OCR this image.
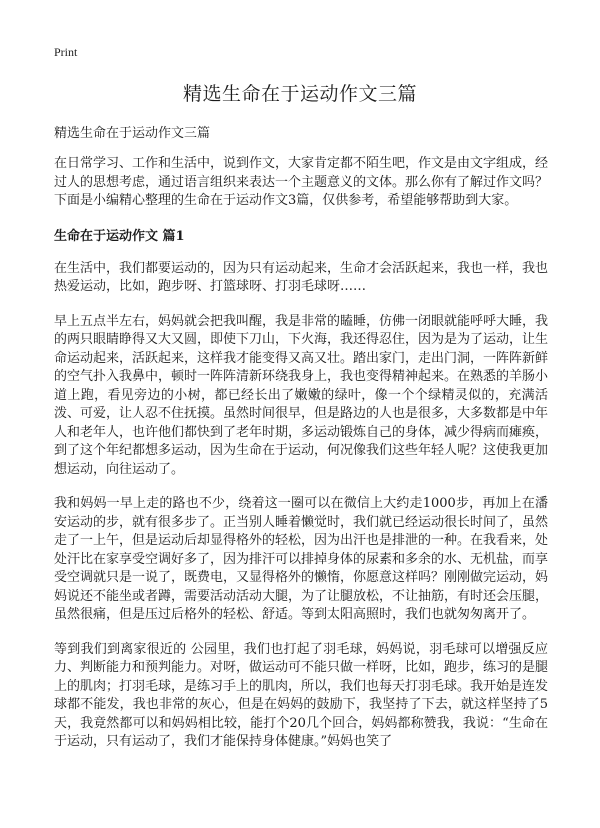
Print
精选生命在于运动作文三篇

精选生命在于运动作文三篇

在日常学习、工作和生活中，说到作文，大家肯定都不陌生吧，作文是由文字组成，经过人的思想考虑，通过语言组织来表达一个主题意义的文体。那么你有了解过作文吗？下面是小编精心整理的生命在于运动作文3篇，仅供参考，希望能够帮助到大家。

生命在于运动作文 篇1

在生活中，我们都要运动的，因为只有运动起来，生命才会活跃起来，我也一样，我也热爱运动，比如，跑步呀、打篮球呀、打羽毛球呀……

早上五点半左右，妈妈就会把我叫醒，我是非常的瞌睡，仿佛一闭眼就能呼呼大睡，我的两只眼睛睁得又大又圆，即使下刀山，下火海，我还得忍住，因为是为了运动，让生命运动起来，活跃起来，这样我才能变得又高又壮。踏出家门，走出门洞，一阵阵新鲜的空气扑入我鼻中，顿时一阵阵清新环绕我身上，我也变得精神起来。在熟悉的羊肠小道上跑，看见旁边的小树，都已经长出了嫩嫩的绿叶，像一个个绿精灵似的，充满活泼、可爱，让人忍不住抚摸。虽然时间很早，但是路边的人也是很多，大多数都是中年人和老年人，也许他们都快到了老年时期，多运动锻炼自己的身体，减少得病而瘫痪，到了这个年纪都想多运动，因为生命在于运动，何况像我们这些年轻人呢？这使我更加想运动，向往运动了。

我和妈妈一早上走的路也不少，绕着这一圈可以在微信上大约走1000步，再加上在潘安运动的步，就有很多步了。正当别人睡着懒觉时，我们就已经运动很长时间了，虽然走了一上午，但是运动后却显得格外的轻松，因为出汗也是排泄的一种。在我看来，处处汗比在家享受空调好多了，因为排汗可以排掉身体的尿素和多余的水、无机盐，而享受空调就只是一说了，既费电，又显得格外的懒惰，你愿意这样吗？刚刚做完运动，妈妈说还不能坐或者蹲，需要活动活动大腿，为了让腿放松，不让抽筋，有时还会压腿，虽然很痛，但是压过后格外的轻松、舒适。等到太阳高照时，我们也就匆匆离开了。

等到我们到离家很近的 公园里，我们也打起了羽毛球，妈妈说，羽毛球可以增强反应力、判断能力和预判能力。对呀，做运动可不能只做一样呀，比如，跑步，练习的是腿上的肌肉；打羽毛球，是练习手上的肌肉，所以，我们也每天打羽毛球。我开始是连发球都不能发，我也非常的灰心，但是在妈妈的鼓励下，我坚持了下去，就这样坚持了5天，我竟然都可以和妈妈相比较，能打个20几个回合，妈妈都称赞我，我说：“生命在于运动，只有运动了，我们才能保持身体健康。”妈妈也笑了
